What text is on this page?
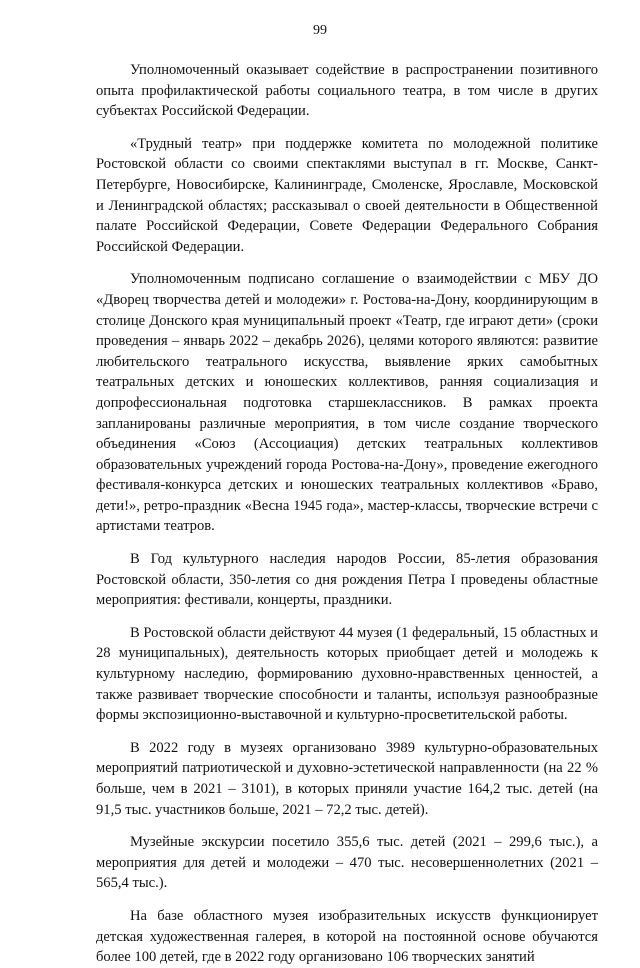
99

Уполномоченный оказывает содействие в распространении позитивного опыта профилактической работы социального театра, в том числе в других субъектах Российской Федерации.

«Трудный театр» при поддержке комитета по молодежной политике Ростовской области со своими спектаклями выступал в гг. Москве, Санкт-Петербурге, Новосибирске, Калининграде, Смоленске, Ярославле, Московской и Ленинградской областях; рассказывал о своей деятельности в Общественной палате Российской Федерации, Совете Федерации Федерального Собрания Российской Федерации.

Уполномоченным подписано соглашение о взаимодействии с МБУ ДО «Дворец творчества детей и молодежи» г. Ростова-на-Дону, координирующим в столице Донского края муниципальный проект «Театр, где играют дети» (сроки проведения – январь 2022 – декабрь 2026), целями которого являются: развитие любительского театрального искусства, выявление ярких самобытных театральных детских и юношеских коллективов, ранняя социализация и допрофессиональная подготовка старшеклассников. В рамках проекта запланированы различные мероприятия, в том числе создание творческого объединения «Союз (Ассоциация) детских театральных коллективов образовательных учреждений города Ростова-на-Дону», проведение ежегодного фестиваля-конкурса детских и юношеских театральных коллективов «Браво, дети!», ретро-праздник «Весна 1945 года», мастер-классы, творческие встречи с артистами театров.

В Год культурного наследия народов России, 85-летия образования Ростовской области, 350-летия со дня рождения Петра I проведены областные мероприятия: фестивали, концерты, праздники.

В Ростовской области действуют 44 музея (1 федеральный, 15 областных и 28 муниципальных), деятельность которых приобщает детей и молодежь к культурному наследию, формированию духовно-нравственных ценностей, а также развивает творческие способности и таланты, используя разнообразные формы экспозиционно-выставочной и культурно-просветительской работы.

В 2022 году в музеях организовано 3989 культурно-образовательных мероприятий патриотической и духовно-эстетической направленности (на 22 % больше, чем в 2021 – 3101), в которых приняли участие 164,2 тыс. детей (на 91,5 тыс. участников больше, 2021 – 72,2 тыс. детей).

Музейные экскурсии посетило 355,6 тыс. детей (2021 – 299,6 тыс.), а мероприятия для детей и молодежи – 470 тыс. несовершеннолетних (2021 – 565,4 тыс.).

На базе областного музея изобразительных искусств функционирует детская художественная галерея, в которой на постоянной основе обучаются более 100 детей, где в 2022 году организовано 106 творческих занятий
